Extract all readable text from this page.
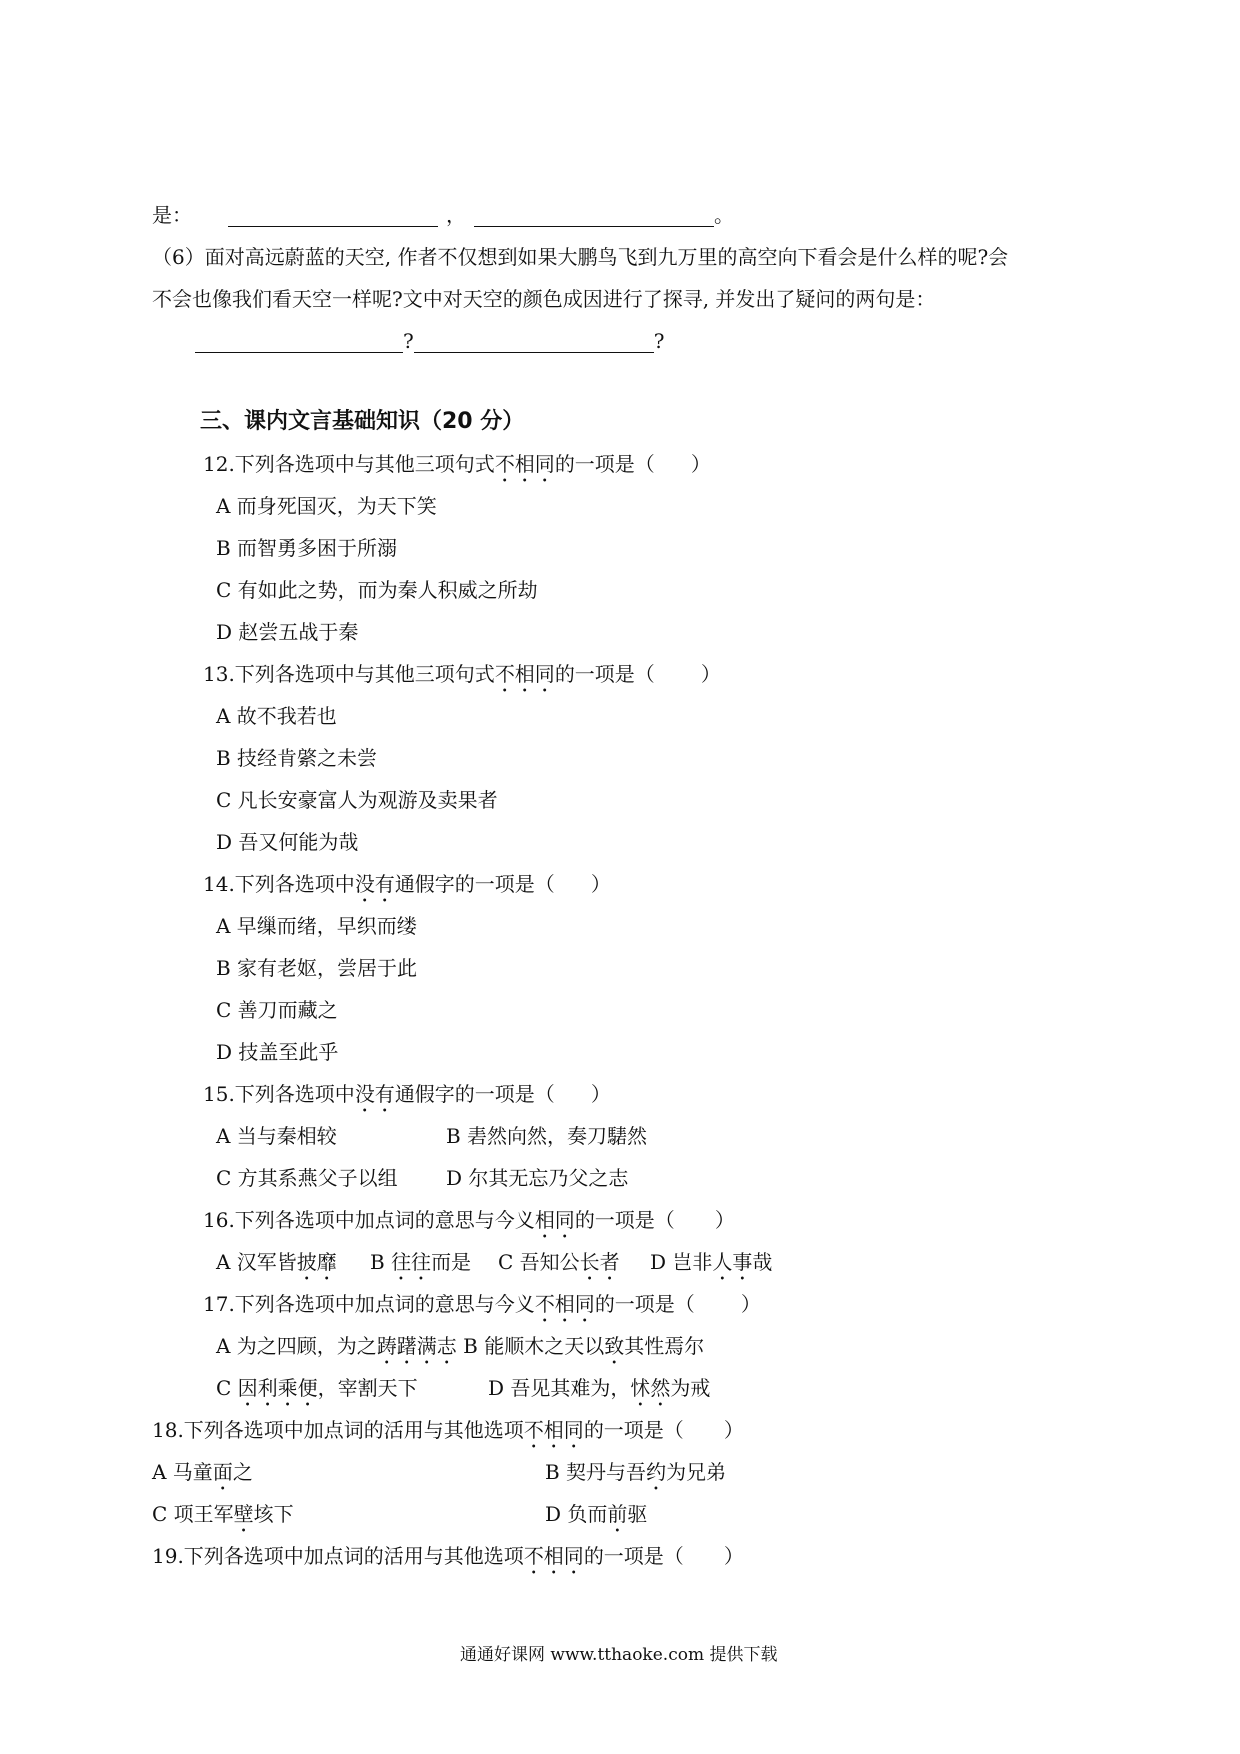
是：	，	。
（6）面对高远蔚蓝的天空, 作者不仅想到如果大鹏鸟飞到九万里的高空向下看会是什么样的呢?会
不会也像我们看天空一样呢?文中对天空的颜色成因进行了探寻, 并发出了疑问的两句是：
?	?
三、课内文言基础知识（20 分）
12.下列各选项中与其他三项句式不相同的一项是（ ）
A 而身死国灭，为天下笑
B 而智勇多困于所溺
C 有如此之势，而为秦人积威之所劫
D 赵尝五战于秦
13.下列各选项中与其他三项句式不相同的一项是（ ）
A 故不我若也
B 技经肯綮之未尝
C 凡长安豪富人为观游及卖果者
D 吾又何能为哉
14.下列各选项中没有通假字的一项是（ ）
A 早缫而绪，早织而缕
B 家有老妪，尝居于此
C 善刀而藏之
D 技盖至此乎
15.下列各选项中没有通假字的一项是（ ）
A 当与秦相较	B 砉然向然，奏刀騞然
C 方其系燕父子以组 D 尔其无忘乃父之志
16.下列各选项中加点词的意思与今义相同的一项是（ ）
A 汉军皆披靡 B 往往而是 C 吾知公长者 D 岂非人事哉
17.下列各选项中加点词的意思与今义不相同的一项是（ ）
A 为之四顾，为之踌躇满志 B 能顺木之天以致其性焉尔
C 因利乘便，宰割天下	D 吾见其难为，怵然为戒
18.下列各选项中加点词的活用与其他选项不相同的一项是（ ）
A 马童面之	B 契丹与吾约为兄弟
C 项王军壁垓下	D 负而前驱
19.下列各选项中加点词的活用与其他选项不相同的一项是（ ）
通通好课网 www.tthaoke.com 提供下载
